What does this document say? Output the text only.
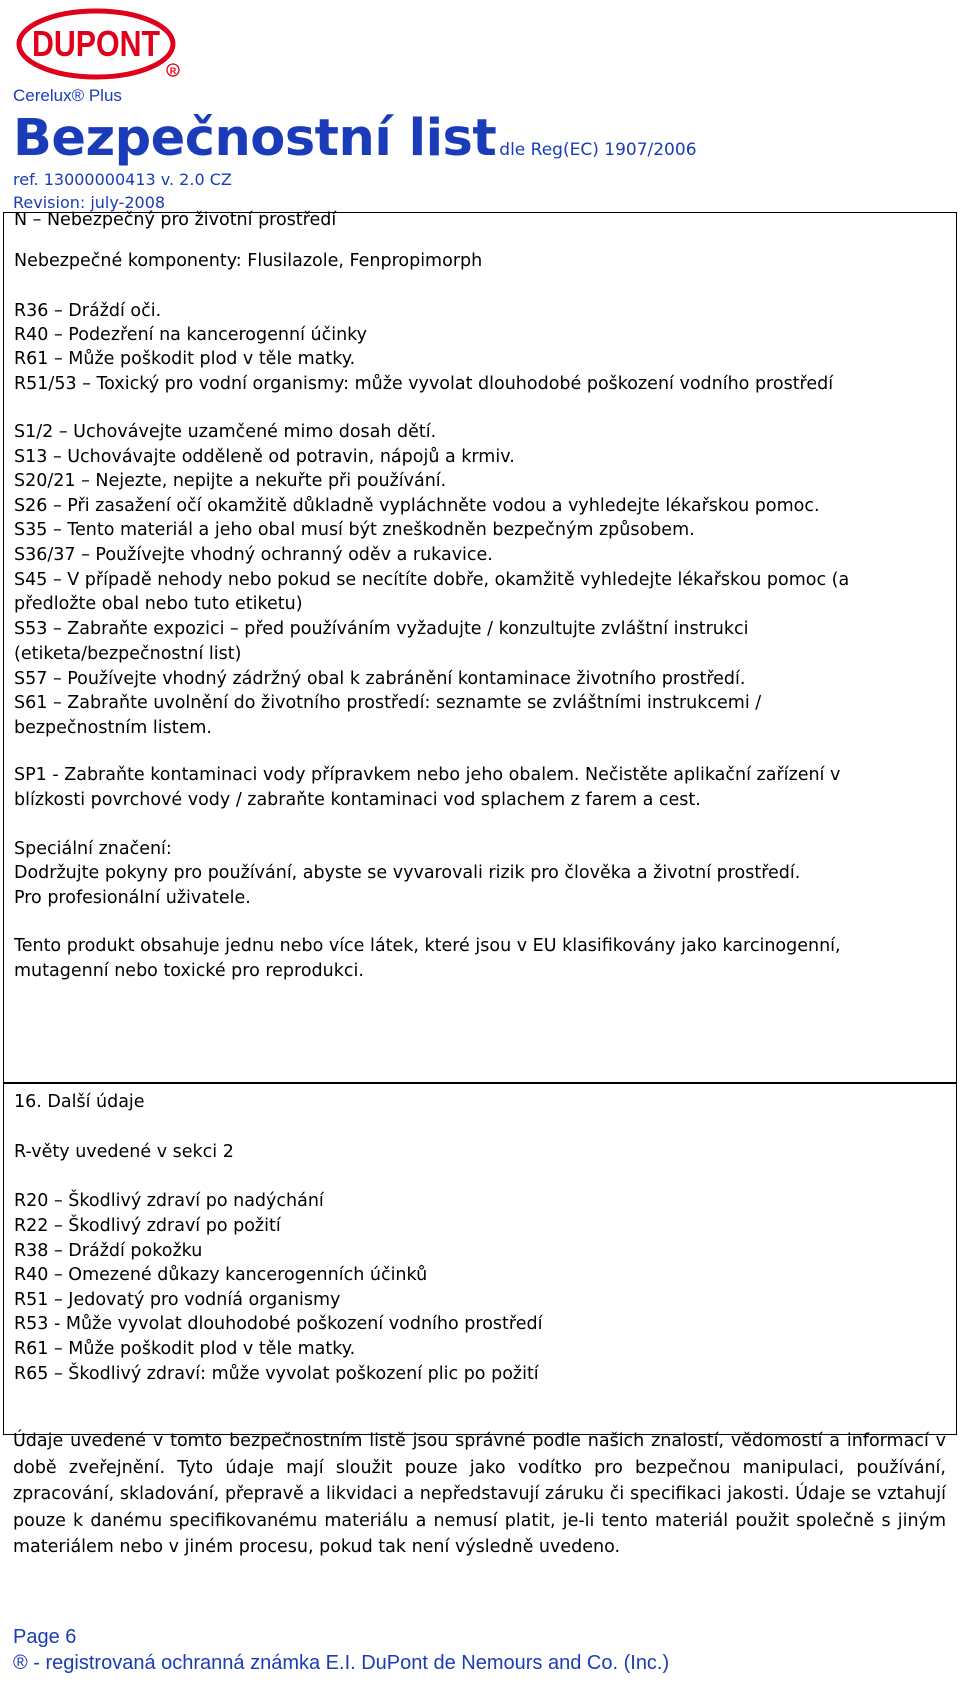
DUPONT
R
Cerelux® Plus
Bezpečnostní list dle Reg(EC) 1907/2006
ref. 13000000413 v. 2.0 CZ
Revision: july-2008
N – Nebezpečný pro životní prostředí
Nebezpečné komponenty: Flusilazole, Fenpropimorph
R36 – Dráždí oči.
R40 – Podezření na kancerogenní účinky
R61 – Může poškodit plod v těle matky.
R51/53 – Toxický pro vodní organismy: může vyvolat dlouhodobé poškození vodního prostředí
S1/2 – Uchovávejte uzamčené mimo dosah dětí.
S13 – Uchovávajte odděleně od potravin, nápojů a krmiv.
S20/21 – Nejezte, nepijte a nekuřte při používání.
S26 – Při zasažení očí okamžitě důkladně vypláchněte vodou a vyhledejte lékařskou pomoc.
S35 – Tento materiál a jeho obal musí být zneškodněn bezpečným způsobem.
S36/37 – Používejte vhodný ochranný oděv a rukavice.
S45 – V případě nehody nebo pokud se necítíte dobře, okamžitě vyhledejte lékařskou pomoc (a
předložte obal nebo tuto etiketu)
S53 – Zabraňte expozici – před používáním vyžadujte / konzultujte zvláštní instrukci
(etiketa/bezpečnostní list)
S57 – Používejte vhodný zádržný obal k zabránění kontaminace životního prostředí.
S61 – Zabraňte uvolnění do životního prostředí: seznamte se zvláštními instrukcemi /
bezpečnostním listem.
SP1 - Zabraňte kontaminaci vody přípravkem nebo jeho obalem. Nečistěte aplikační zařízení v
blízkosti povrchové vody / zabraňte kontaminaci vod splachem z farem a cest.
Speciální značení:
Dodržujte pokyny pro používání, abyste se vyvarovali rizik pro člověka a životní prostředí.
Pro profesionální uživatele.
Tento produkt obsahuje jednu nebo více látek, které jsou v EU klasifikovány jako karcinogenní,
mutagenní nebo toxické pro reprodukci.
16. Další údaje
R-věty uvedené v sekci 2
R20 – Škodlivý zdraví po nadýchání
R22 – Škodlivý zdraví po požití
R38 – Dráždí pokožku
R40 – Omezené důkazy kancerogenních účinků
R51 – Jedovatý pro vodníá organismy
R53 - Může vyvolat dlouhodobé poškození vodního prostředí
R61 – Může poškodit plod v těle matky.
R65 – Škodlivý zdraví: může vyvolat poškození plic po požití
Údaje uvedené v tomto bezpečnostním listě jsou správné podle našich znalostí, vědomostí a informací v době zveřejnění. Tyto údaje mají sloužit pouze jako vodítko pro bezpečnou manipulaci, používání, zpracování, skladování, přepravě a likvidaci a nepředstavují záruku či specifikaci jakosti. Údaje se vztahují pouze k danému specifikovanému materiálu a nemusí platit, je-li tento materiál použit společně s jiným materiálem nebo v jiném procesu, pokud tak není výsledně uvedeno.
Page 6
® - registrovaná ochranná známka E.I. DuPont de Nemours and Co. (Inc.)
